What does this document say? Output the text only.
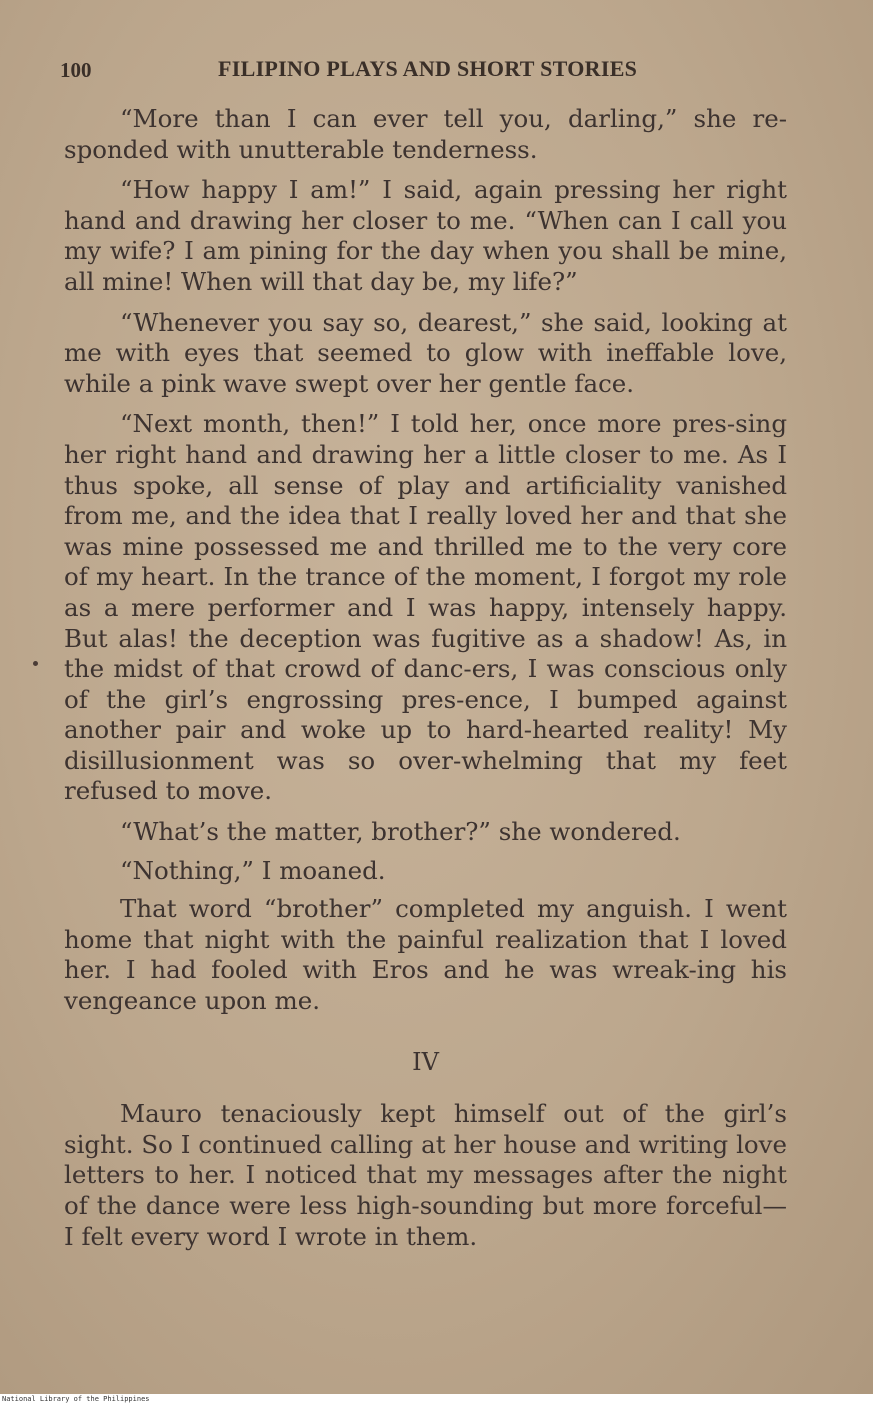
100	FILIPINO PLAYS AND SHORT STORIES

“More than I can ever tell you, darling,” she re-sponded with unutterable tenderness.

“How happy I am!” I said, again pressing her right hand and drawing her closer to me. “When can I call you my wife? I am pining for the day when you shall be mine, all mine! When will that day be, my life?”

“Whenever you say so, dearest,” she said, looking at me with eyes that seemed to glow with ineffable love, while a pink wave swept over her gentle face.

“Next month, then!” I told her, once more pres-sing her right hand and drawing her a little closer to me. As I thus spoke, all sense of play and artificiality vanished from me, and the idea that I really loved her and that she was mine possessed me and thrilled me to the very core of my heart. In the trance of the moment, I forgot my role as a mere performer and I was happy, intensely happy. But alas! the deception was fugitive as a shadow! As, in the midst of that crowd of danc-ers, I was conscious only of the girl’s engrossing pres-ence, I bumped against another pair and woke up to hard-hearted reality! My disillusionment was so over-whelming that my feet refused to move.

“What’s the matter, brother?” she wondered.

“Nothing,” I moaned.

That word “brother” completed my anguish. I went home that night with the painful realization that I loved her. I had fooled with Eros and he was wreak-ing his vengeance upon me.

IV

Mauro tenaciously kept himself out of the girl’s sight. So I continued calling at her house and writing love letters to her. I noticed that my messages after the night of the dance were less high-sounding but more forceful—I felt every word I wrote in them.

National Library of the Philippines
